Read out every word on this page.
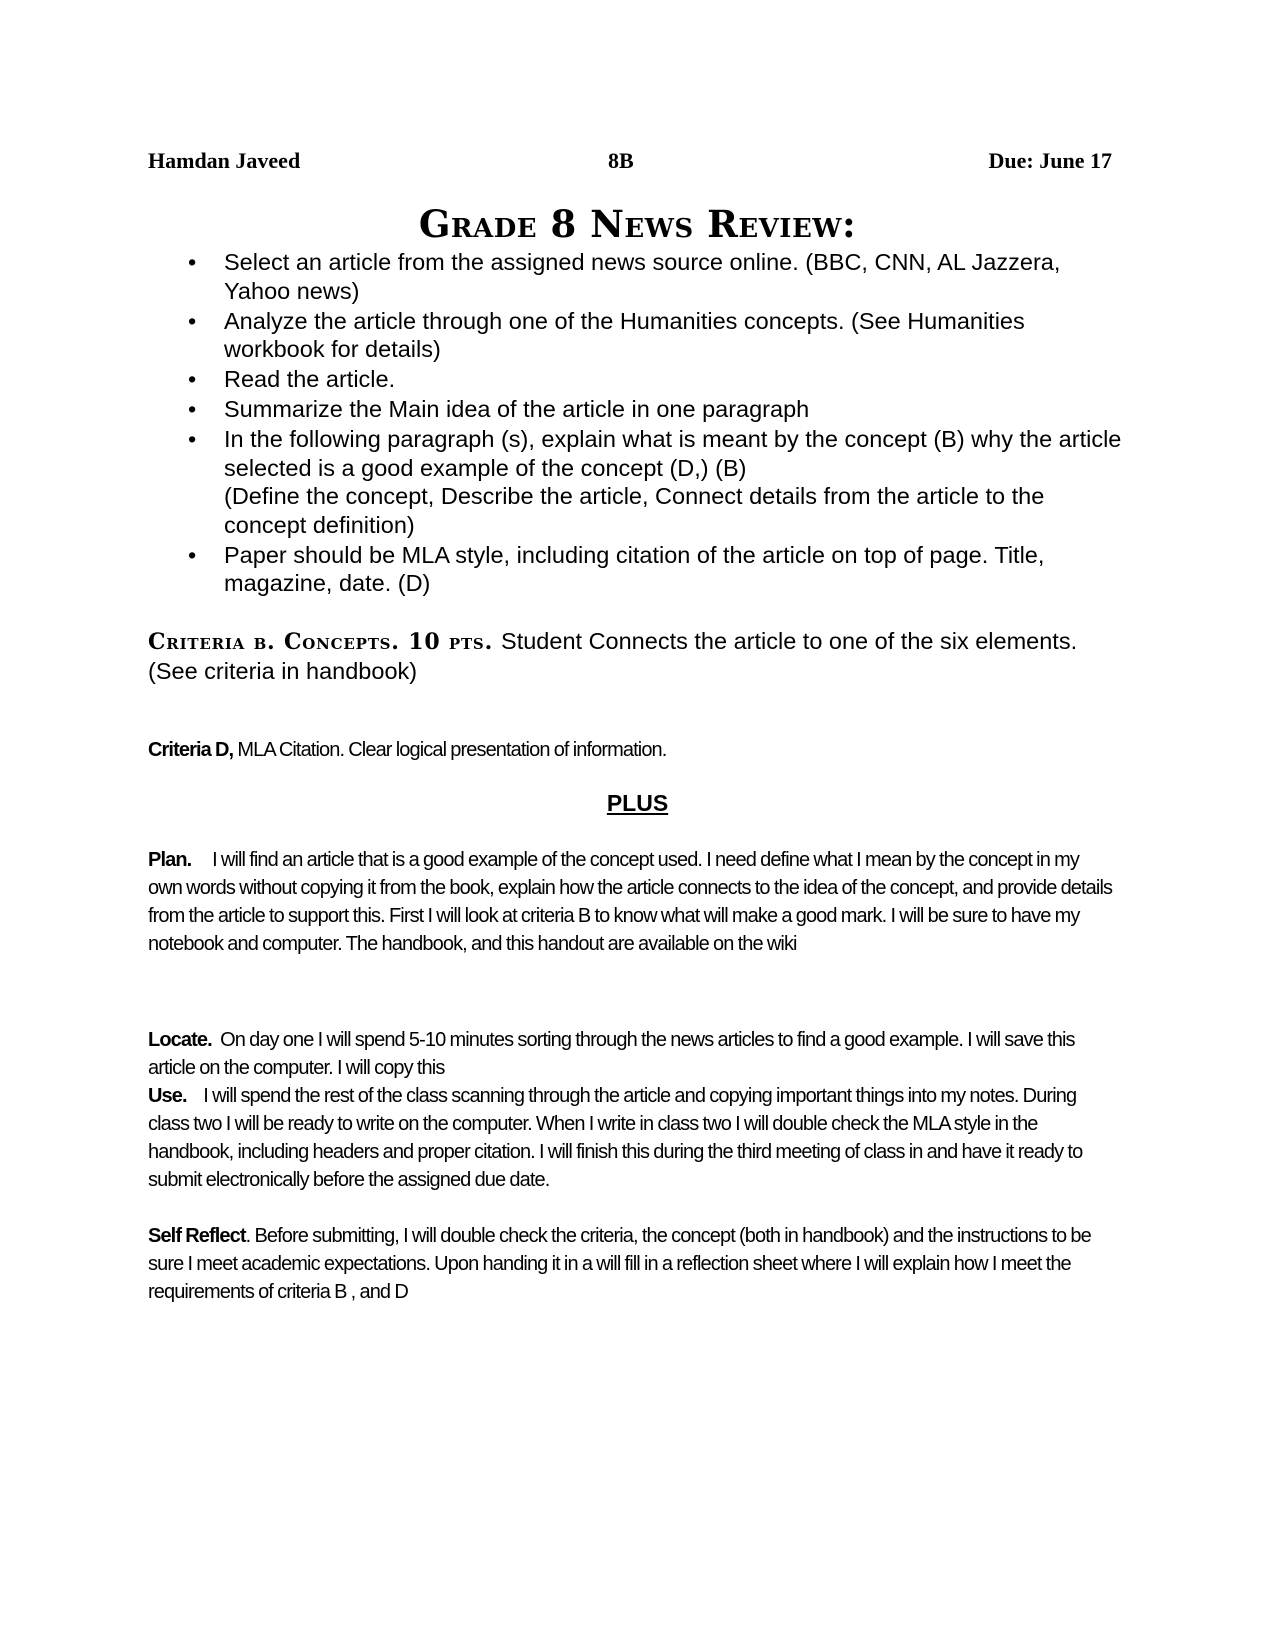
Hamdan Javeed	8B	Due: June 17
Grade 8 News Review:
• Select an article from the assigned news source online. (BBC, CNN, AL Jazzera, Yahoo news)
• Analyze the article through one of the Humanities concepts. (See Humanities workbook for details)
• Read the article.
• Summarize the Main idea of the article in one paragraph
• In the following paragraph (s), explain what is meant by the concept (B) why the article selected is a good example of the concept (D,) (B)
(Define the concept, Describe the article, Connect details from the article to the concept definition)
• Paper should be MLA style, including citation of the article on top of page. Title, magazine, date. (D)
Criteria b. Concepts. 10 pts. Student Connects the article to one of the six elements. (See criteria in handbook)
Criteria D, MLA Citation. Clear logical presentation of information.
PLUS

Plan. I will find an article that is a good example of the concept used. I need define what I mean by the concept in my own words without copying it from the book, explain how the article connects to the idea of the concept, and provide details from the article to support this. First I will look at criteria B to know what will make a good mark. I will be sure to have my notebook and computer. The handbook, and this handout are available on the wiki

Locate. On day one I will spend 5-10 minutes sorting through the news articles to find a good example. I will save this article on the computer. I will copy this

Use. I will spend the rest of the class scanning through the article and copying important things into my notes. During class two I will be ready to write on the computer. When I write in class two I will double check the MLA style in the handbook, including headers and proper citation. I will finish this during the third meeting of class in and have it ready to submit electronically before the assigned due date.

Self Reflect. Before submitting, I will double check the criteria, the concept (both in handbook) and the instructions to be sure I meet academic expectations. Upon handing it in a will fill in a reflection sheet where I will explain how I meet the requirements of criteria B , and D
